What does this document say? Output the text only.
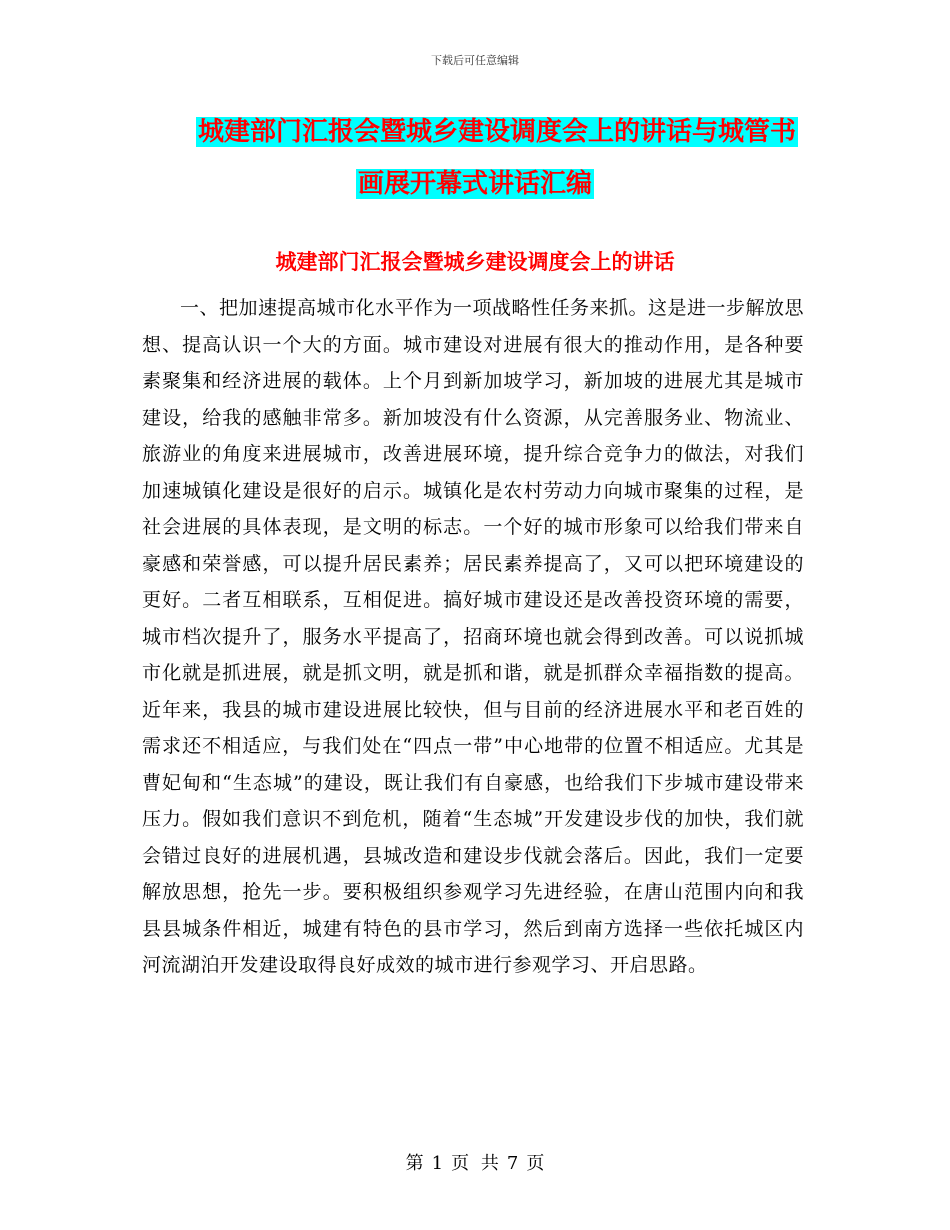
下载后可任意编辑
城建部门汇报会暨城乡建设调度会上的讲话与城管书
画展开幕式讲话汇编
城建部门汇报会暨城乡建设调度会上的讲话

一、把加速提高城市化水平作为一项战略性任务来抓。这是进一步解放思想、提高认识一个大的方面。城市建设对进展有很大的推动作用，是各种要素聚集和经济进展的载体。上个月到新加坡学习，新加坡的进展尤其是城市建设，给我的感触非常多。新加坡没有什么资源，从完善服务业、物流业、旅游业的角度来进展城市，改善进展环境，提升综合竞争力的做法，对我们加速城镇化建设是很好的启示。城镇化是农村劳动力向城市聚集的过程，是社会进展的具体表现，是文明的标志。一个好的城市形象可以给我们带来自豪感和荣誉感，可以提升居民素养；居民素养提高了，又可以把环境建设的更好。二者互相联系，互相促进。搞好城市建设还是改善投资环境的需要，城市档次提升了，服务水平提高了，招商环境也就会得到改善。可以说抓城市化就是抓进展，就是抓文明，就是抓和谐，就是抓群众幸福指数的提高。近年来，我县的城市建设进展比较快，但与目前的经济进展水平和老百姓的需求还不相适应，与我们处在“四点一带”中心地带的位置不相适应。尤其是曹妃甸和“生态城”的建设，既让我们有自豪感，也给我们下步城市建设带来压力。假如我们意识不到危机，随着“生态城”开发建设步伐的加快，我们就会错过良好的进展机遇，县城改造和建设步伐就会落后。因此，我们一定要解放思想，抢先一步。要积极组织参观学习先进经验，在唐山范围内向和我县县城条件相近，城建有特色的县市学习，然后到南方选择一些依托城区内河流湖泊开发建设取得良好成效的城市进行参观学习、开启思路。

第 1 页 共 7 页
